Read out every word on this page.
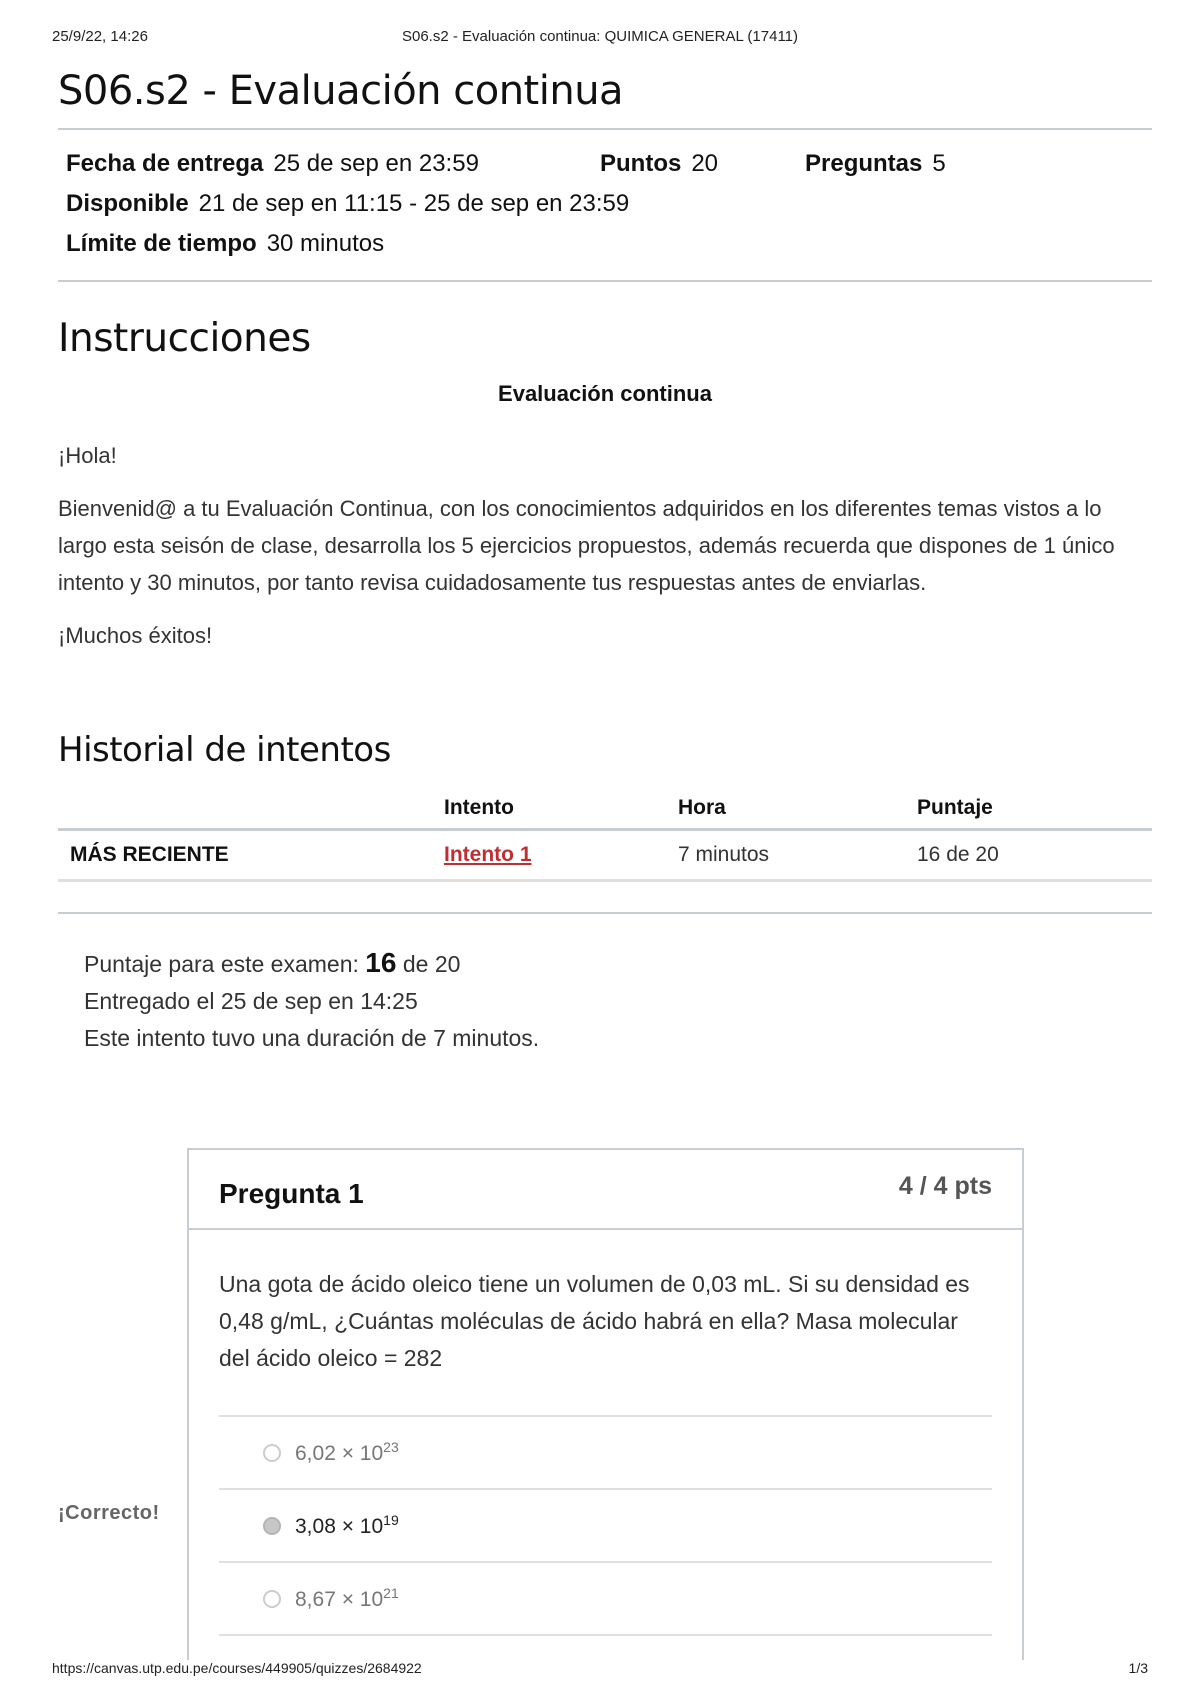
25/9/22, 14:26	S06.s2 - Evaluación continua: QUIMICA GENERAL (17411)
S06.s2 - Evaluación continua
Fecha de entrega 25 de sep en 23:59	Puntos 20	Preguntas 5
Disponible 21 de sep en 11:15 - 25 de sep en 23:59
Límite de tiempo 30 minutos
Instrucciones
Evaluación continua

¡Hola!

Bienvenid@ a tu Evaluación Continua, con los conocimientos adquiridos en los diferentes temas vistos a lo largo esta seisón de clase, desarrolla los 5 ejercicios propuestos, además recuerda que dispones de 1 único intento y 30 minutos, por tanto revisa cuidadosamente tus respuestas antes de enviarlas.

¡Muchos éxitos!

Historial de intentos
	Intento	Hora	Puntaje
MÁS RECIENTE	Intento 1	7 minutos	16 de 20
Puntaje para este examen: 16 de 20
Entregado el 25 de sep en 14:25
Este intento tuvo una duración de 7 minutos.
¡Correcto!
Pregunta 1	4 / 4 pts
Una gota de ácido oleico tiene un volumen de 0,03 mL. Si su densidad es 0,48 g/mL, ¿Cuántas moléculas de ácido habrá en ella? Masa molecular del ácido oleico = 282
$6,02 \times 10^{23}$
$3,08 \times 10^{19}$
$8,67 \times 10^{21}$
https://canvas.utp.edu.pe/courses/449905/quizzes/2684922	1/3
